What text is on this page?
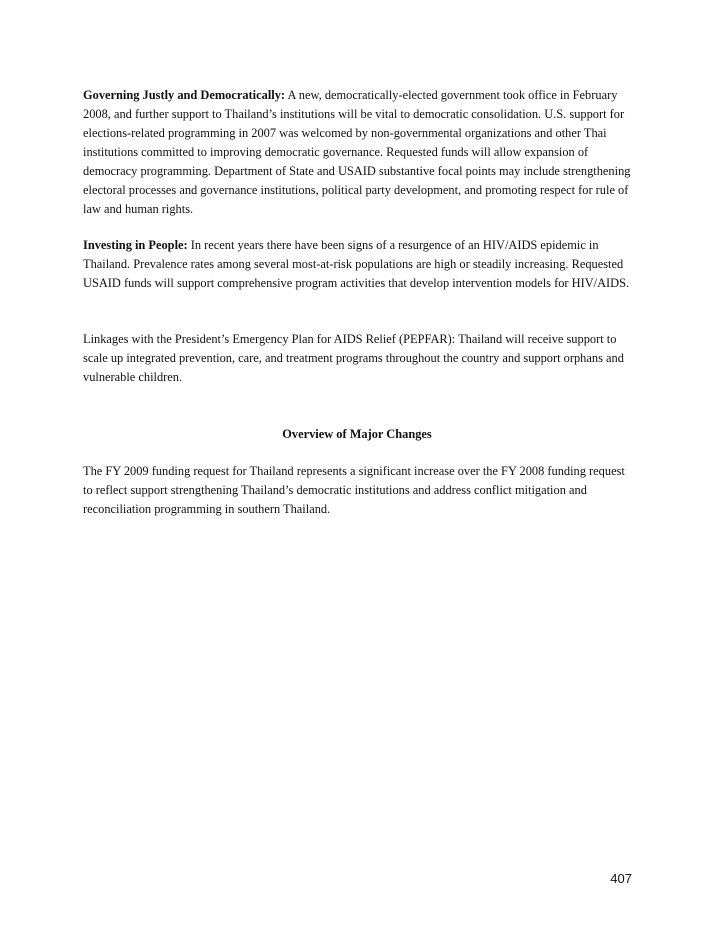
Governing Justly and Democratically: A new, democratically-elected government took office in February 2008, and further support to Thailand’s institutions will be vital to democratic consolidation. U.S. support for elections-related programming in 2007 was welcomed by non-governmental organizations and other Thai institutions committed to improving democratic governance. Requested funds will allow expansion of democracy programming. Department of State and USAID substantive focal points may include strengthening electoral processes and governance institutions, political party development, and promoting respect for rule of law and human rights.

Investing in People: In recent years there have been signs of a resurgence of an HIV/AIDS epidemic in Thailand. Prevalence rates among several most-at-risk populations are high or steadily increasing. Requested USAID funds will support comprehensive program activities that develop intervention models for HIV/AIDS.

Linkages with the President’s Emergency Plan for AIDS Relief (PEPFAR): Thailand will receive support to scale up integrated prevention, care, and treatment programs throughout the country and support orphans and vulnerable children.

Overview of Major Changes

The FY 2009 funding request for Thailand represents a significant increase over the FY 2008 funding request to reflect support strengthening Thailand’s democratic institutions and address conflict mitigation and reconciliation programming in southern Thailand.

407
